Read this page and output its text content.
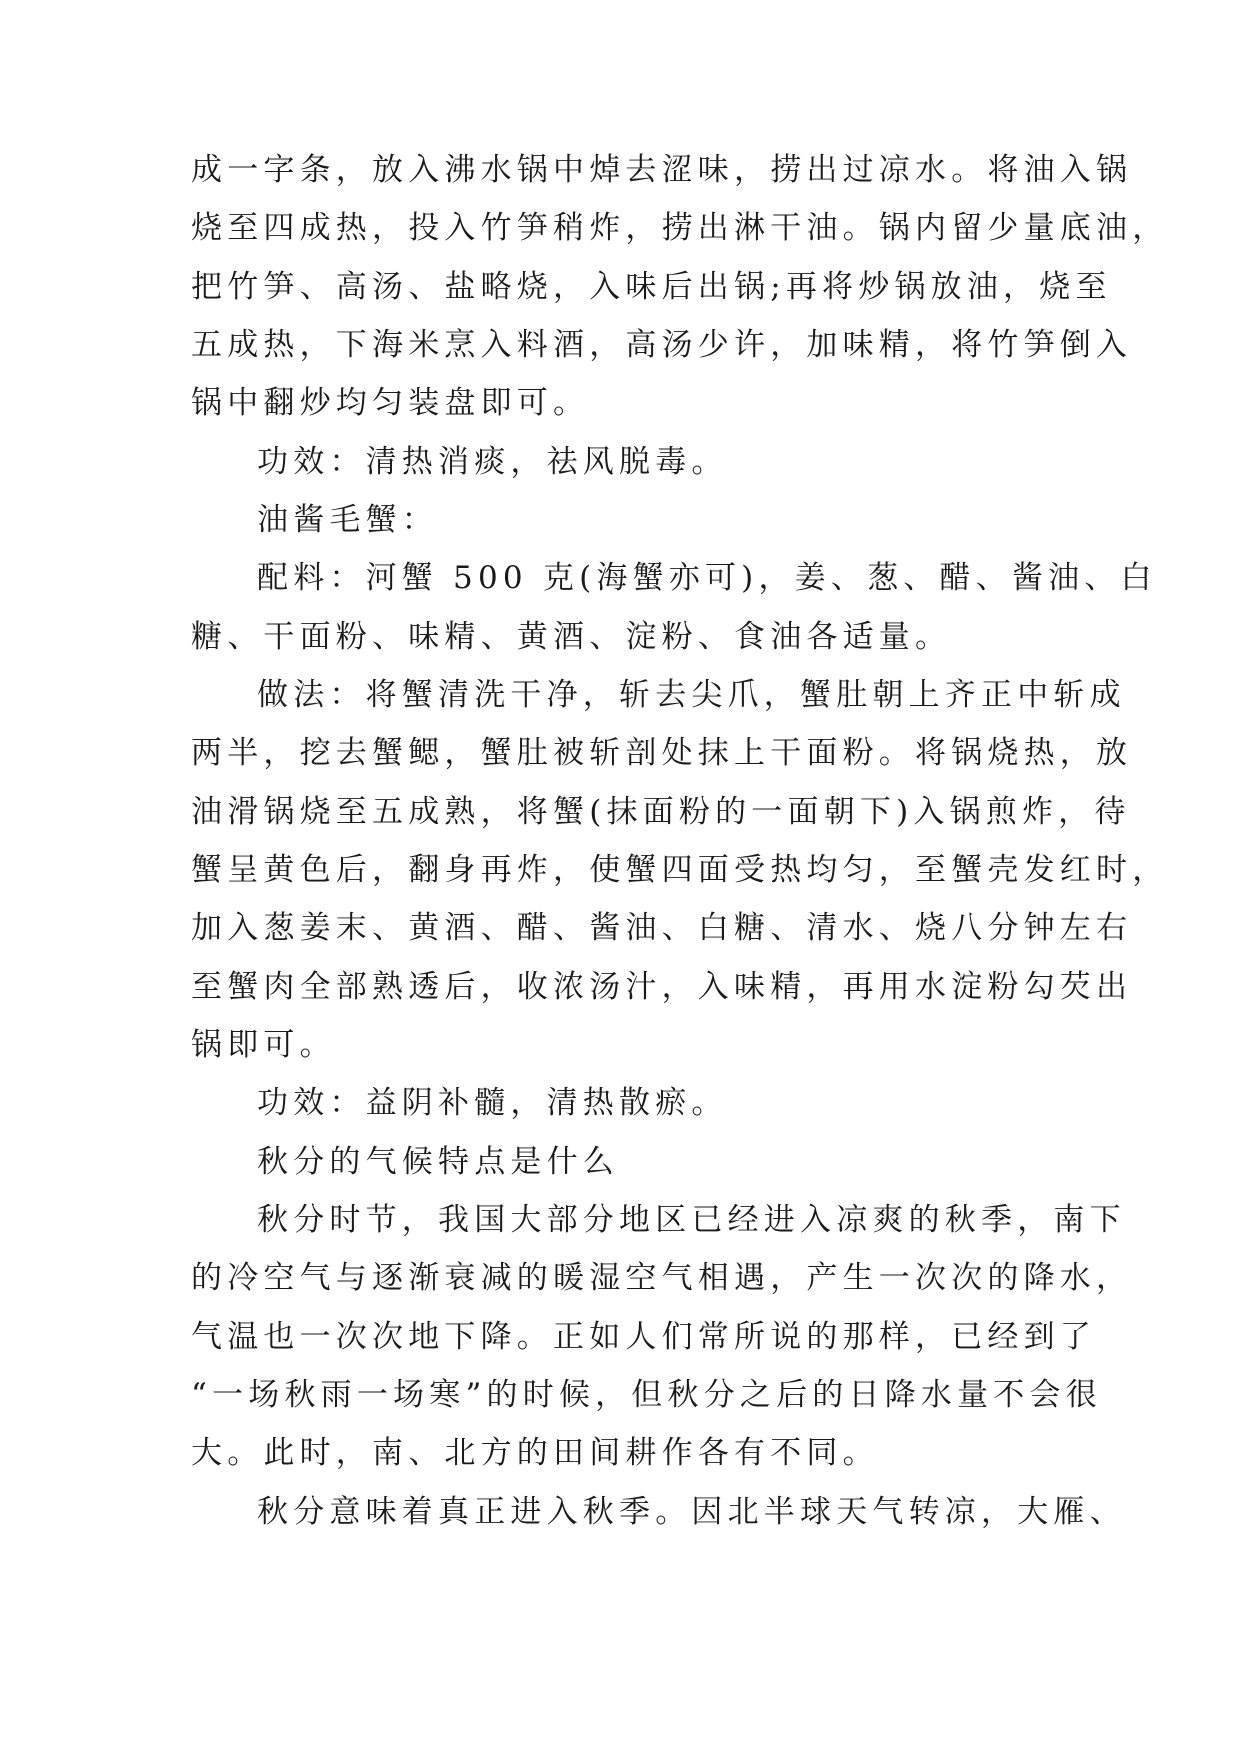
成一字条，放入沸水锅中焯去涩味，捞出过凉水。将油入锅
烧至四成热，投入竹笋稍炸，捞出淋干油。锅内留少量底油，
把竹笋、高汤、盐略烧，入味后出锅;再将炒锅放油，烧至
五成热，下海米烹入料酒，高汤少许，加味精，将竹笋倒入
锅中翻炒均匀装盘即可。
功效：清热消痰，祛风脱毒。
油酱毛蟹：
配料：河蟹 500 克(海蟹亦可)，姜、葱、醋、酱油、白
糖、干面粉、味精、黄酒、淀粉、食油各适量。
做法：将蟹清洗干净，斩去尖爪，蟹肚朝上齐正中斩成
两半，挖去蟹鳃，蟹肚被斩剖处抹上干面粉。将锅烧热，放
油滑锅烧至五成熟，将蟹(抹面粉的一面朝下)入锅煎炸，待
蟹呈黄色后，翻身再炸，使蟹四面受热均匀，至蟹壳发红时，
加入葱姜末、黄酒、醋、酱油、白糖、清水、烧八分钟左右
至蟹肉全部熟透后，收浓汤汁，入味精，再用水淀粉勾芡出
锅即可。
功效：益阴补髓，清热散瘀。
秋分的气候特点是什么
秋分时节，我国大部分地区已经进入凉爽的秋季，南下
的冷空气与逐渐衰减的暖湿空气相遇，产生一次次的降水，
气温也一次次地下降。正如人们常所说的那样，已经到了
“一场秋雨一场寒”的时候，但秋分之后的日降水量不会很
大。此时，南、北方的田间耕作各有不同。
秋分意味着真正进入秋季。因北半球天气转凉，大雁、
